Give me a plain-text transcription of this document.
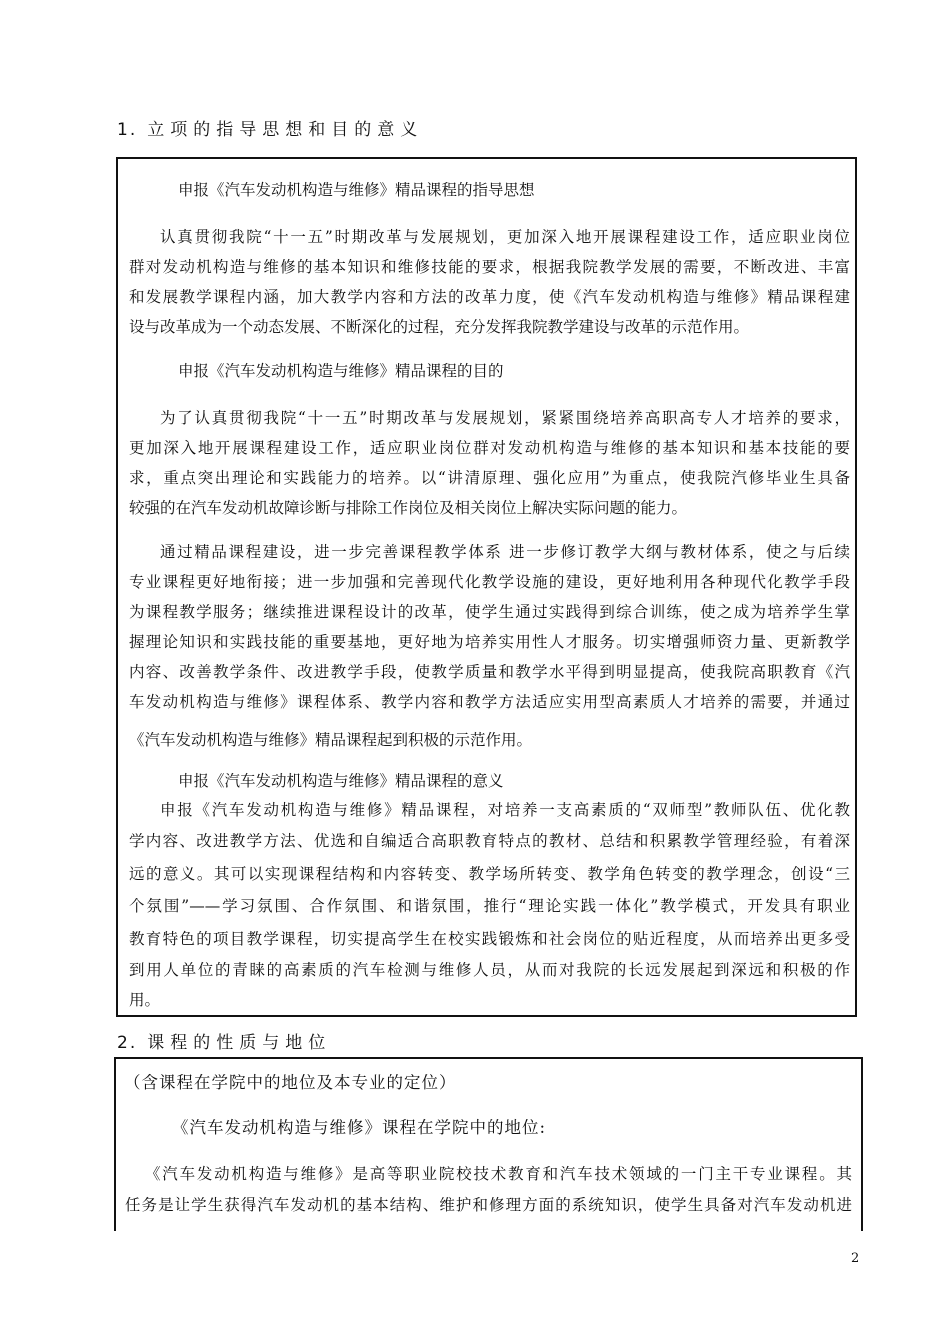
1. 立项的指导思想和目的意义
申报《汽车发动机构造与维修》精品课程的指导思想
认真贯彻我院“十一五”时期改革与发展规划，更加深入地开展课程建设工作，适应职业岗位
群对发动机构造与维修的基本知识和维修技能的要求，根据我院教学发展的需要，不断改进、丰富
和发展教学课程内涵，加大教学内容和方法的改革力度，使《汽车发动机构造与维修》精品课程建
设与改革成为一个动态发展、不断深化的过程，充分发挥我院教学建设与改革的示范作用。
申报《汽车发动机构造与维修》精品课程的目的
为了认真贯彻我院“十一五”时期改革与发展规划，紧紧围绕培养高职高专人才培养的要求，
更加深入地开展课程建设工作，适应职业岗位群对发动机构造与维修的基本知识和基本技能的要
求，重点突出理论和实践能力的培养。以“讲清原理、强化应用”为重点，使我院汽修毕业生具备
较强的在汽车发动机故障诊断与排除工作岗位及相关岗位上解决实际问题的能力。
通过精品课程建设，进一步完善课程教学体系 进一步修订教学大纲与教材体系，使之与后续
专业课程更好地衔接；进一步加强和完善现代化教学设施的建设，更好地利用各种现代化教学手段
为课程教学服务；继续推进课程设计的改革，使学生通过实践得到综合训练，使之成为培养学生掌
握理论知识和实践技能的重要基地，更好地为培养实用性人才服务。切实增强师资力量、更新教学
内容、改善教学条件、改进教学手段，使教学质量和教学水平得到明显提高，使我院高职教育《汽
车发动机构造与维修》课程体系、教学内容和教学方法适应实用型高素质人才培养的需要，并通过
《汽车发动机构造与维修》精品课程起到积极的示范作用。
申报《汽车发动机构造与维修》精品课程的意义
申报《汽车发动机构造与维修》精品课程，对培养一支高素质的“双师型”教师队伍、优化教
学内容、改进教学方法、优选和自编适合高职教育特点的教材、总结和积累教学管理经验，有着深
远的意义。其可以实现课程结构和内容转变、教学场所转变、教学角色转变的教学理念，创设“三
个氛围”——学习氛围、合作氛围、和谐氛围，推行“理论实践一体化”教学模式，开发具有职业
教育特色的项目教学课程，切实提高学生在校实践锻炼和社会岗位的贴近程度，从而培养出更多受
到用人单位的青睐的高素质的汽车检测与维修人员，从而对我院的长远发展起到深远和积极的作
用。
2. 课程的性质与地位
（含课程在学院中的地位及本专业的定位）
《汽车发动机构造与维修》课程在学院中的地位:
《汽车发动机构造与维修》是高等职业院校技术教育和汽车技术领域的一门主干专业课程。其
任务是让学生获得汽车发动机的基本结构、维护和修理方面的系统知识，使学生具备对汽车发动机进
2
